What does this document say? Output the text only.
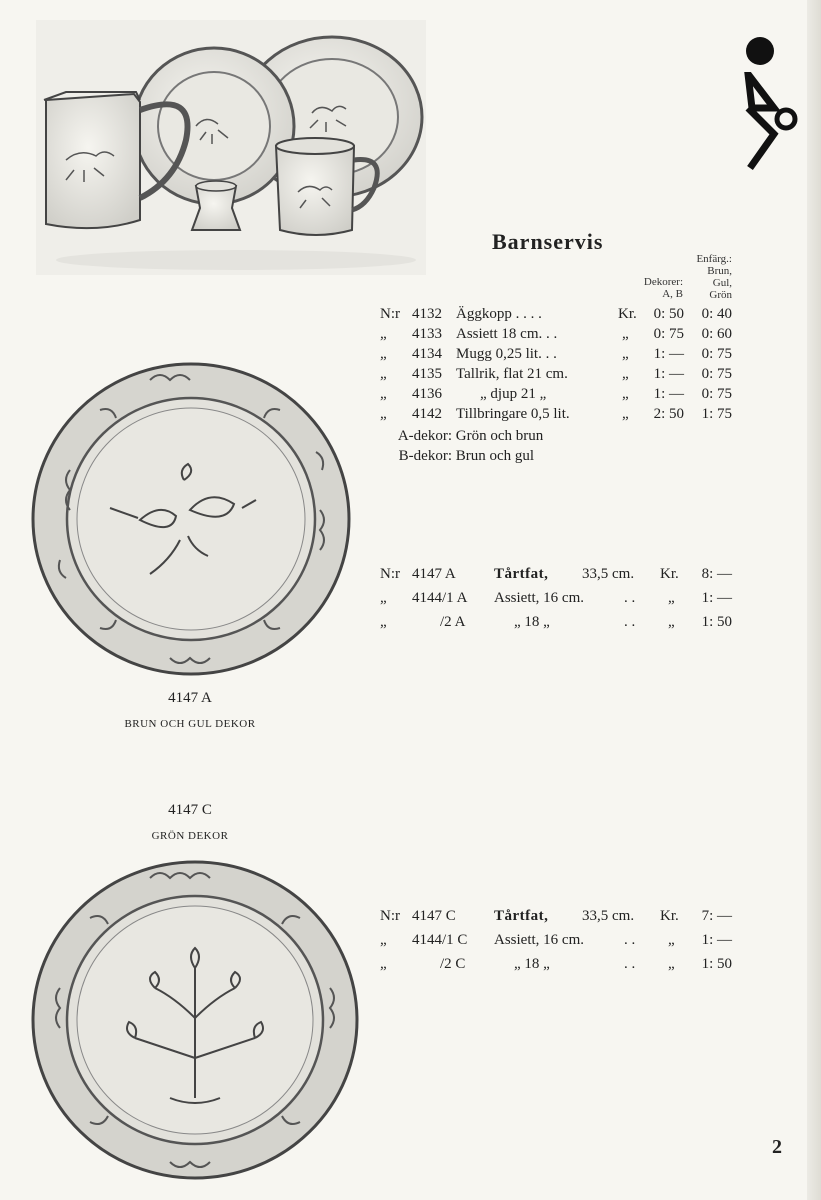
Barnservis
Dekorer:
A, B
Enfärg.:
Brun,
Gul,
Grön
N:r 4132 Äggkopp . . . .	Kr.	0: 50	0: 40
„ 4133 Assiett 18 cm. . .	„	0: 75	0: 60
„ 4134 Mugg 0,25 lit. . .	„	1: —	0: 75
„ 4135 Tallrik, flat 21 cm.	„	1: —	0: 75
„ 4136	„ djup 21 „	„	1: —	0: 75
„ 4142 Tillbringare 0,5 lit.	„	2: 50	1: 75
A-dekor: Grön och brun
B-dekor: Brun och gul
N:r 4147 A	Tårtfat, 33,5 cm. Kr.	8: —
„ 4144/1 A Assiett, 16 cm.	. . „	1: —
„	/2 A	„ 18 „	. . „	1: 50
4147 A
BRUN OCH GUL DEKOR
4147 C
GRÖN DEKOR
N:r 4147 C	Tårtfat, 33,5 cm. Kr.	7: —
„ 4144/1 C Assiett, 16 cm.	. . „	1: —
„	/2 C	„ 18 „	. . „	1: 50
2
